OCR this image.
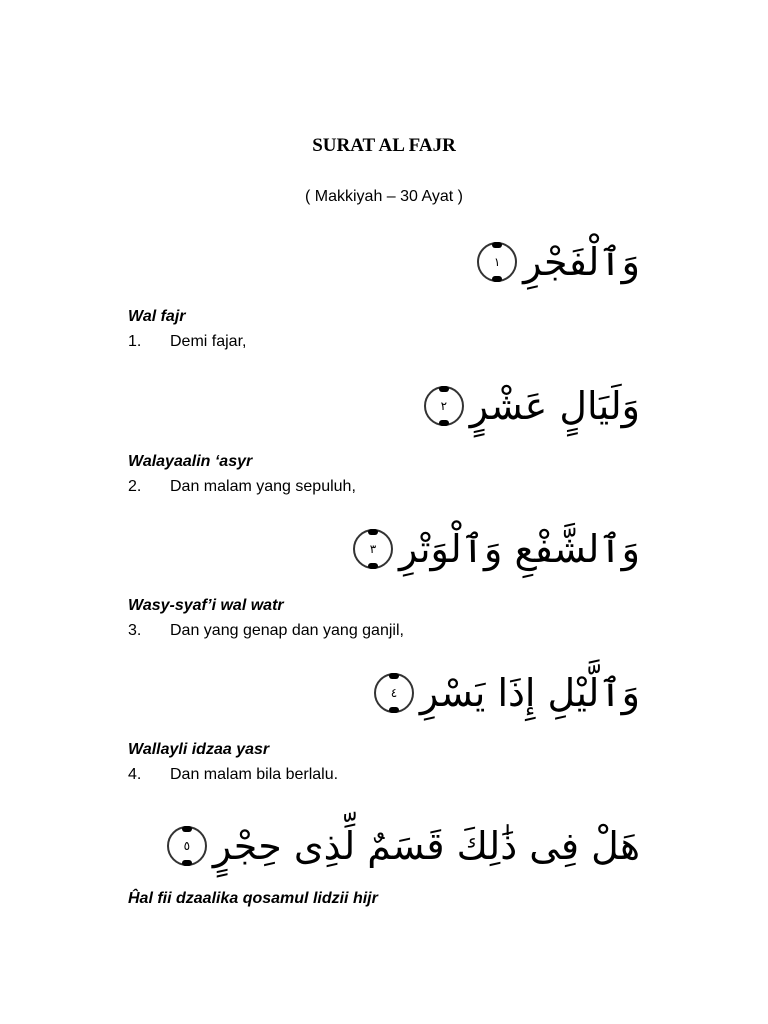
SURAT AL FAJR
( Makkiyah – 30 Ayat )
وَٱلْفَجْرِ
١
Wal fajr
1. Demi fajar,
وَلَيَالٍ عَشْرٍ
٢
Walayaalin ‘asyr
2. Dan malam yang sepuluh,
وَٱلشَّفْعِ وَٱلْوَتْرِ
٣
Wasy-syaf’i wal watr
3. Dan yang genap dan yang ganjil,
وَٱلَّيْلِ إِذَا يَسْرِ
٤
Wallayli idzaa yasr
4. Dan malam bila berlalu.
هَلْ فِى ذَٰلِكَ قَسَمٌ لِّذِى حِجْرٍ
٥
Ĥal fii dzaalika qosamul lidzii hijr
